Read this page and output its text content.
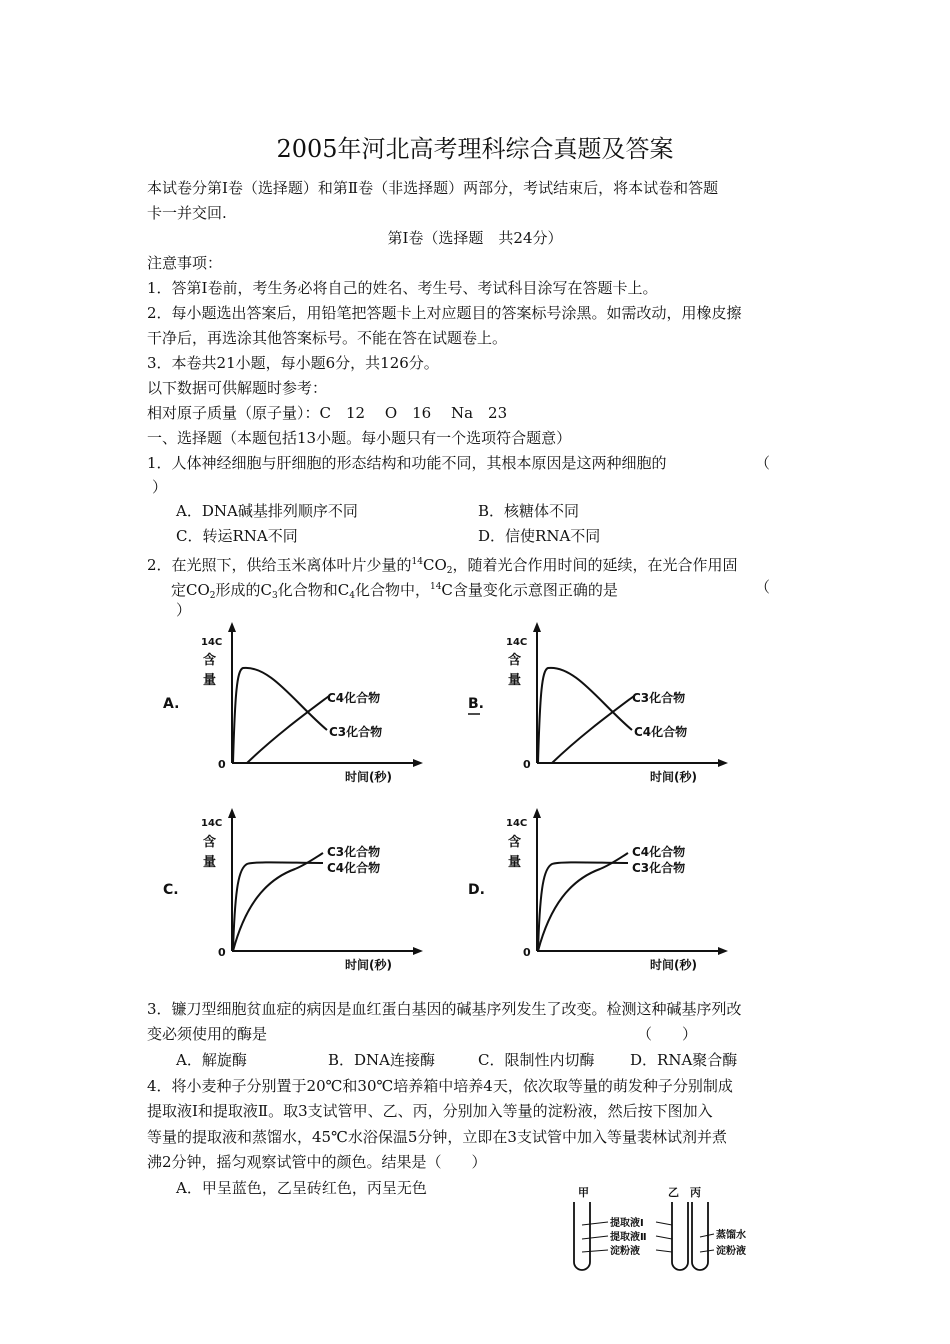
2005年河北高考理科综合真题及答案
本试卷分第Ⅰ卷（选择题）和第Ⅱ卷（非选择题）两部分，考试结束后，将本试卷和答题
卡一并交回.
第Ⅰ卷（选择题　共24分）
注意事项：
1．答第Ⅰ卷前，考生务必将自己的姓名、考生号、考试科目涂写在答题卡上。
2．每小题选出答案后，用铅笔把答题卡上对应题目的答案标号涂黑。如需改动，用橡皮擦
干净后，再选涂其他答案标号。不能在答在试题卷上。
3．本卷共21小题，每小题6分，共126分。
以下数据可供解题时参考：
相对原子质量（原子量）：C　12　 O　16　 Na　23
一、选择题（本题包括13小题。每小题只有一个选项符合题意）
1．人体神经细胞与肝细胞的形态结构和功能不同，其根本原因是这两种细胞的	（
）
A．DNA碱基排列顺序不同	B．核糖体不同
C．转运RNA不同	D．信使RNA不同
2．在光照下，供给玉米离体叶片少量的$^{14}CO_2$，随着光合作用时间的延续，在光合作用固
定$CO_2$形成的$C_3$化合物和$C_4$化合物中，$^{14}$C含量变化示意图正确的是	（
）
A.
14C
含
量
0
C4化合物
C3化合物
时间(秒)
B.
14C
含
量
0
C3化合物
C4化合物
时间(秒)
C.
14C
含
量
0
C3化合物
C4化合物
时间(秒)
D.
14C
含
量
0
C4化合物
C3化合物
时间(秒)
3．镰刀型细胞贫血症的病因是血红蛋白基因的碱基序列发生了改变。检测这种碱基序列改
变必须使用的酶是	（　　）
A．解旋酶	B．DNA连接酶	C．限制性内切酶 D．RNA聚合酶
4．将小麦种子分别置于20℃和30℃培养箱中培养4天，依次取等量的萌发种子分别制成
提取液Ⅰ和提取液Ⅱ。取3支试管甲、乙、丙，分别加入等量的淀粉液，然后按下图加入
等量的提取液和蒸馏水，45℃水浴保温5分钟，立即在3支试管中加入等量裴林试剂并煮
沸2分钟，摇匀观察试管中的颜色。结果是（　　）
A．甲呈蓝色，乙呈砖红色，丙呈无色	甲	乙 丙
提取液Ⅰ
提取液Ⅱ
淀粉液
蒸馏水
淀粉液
